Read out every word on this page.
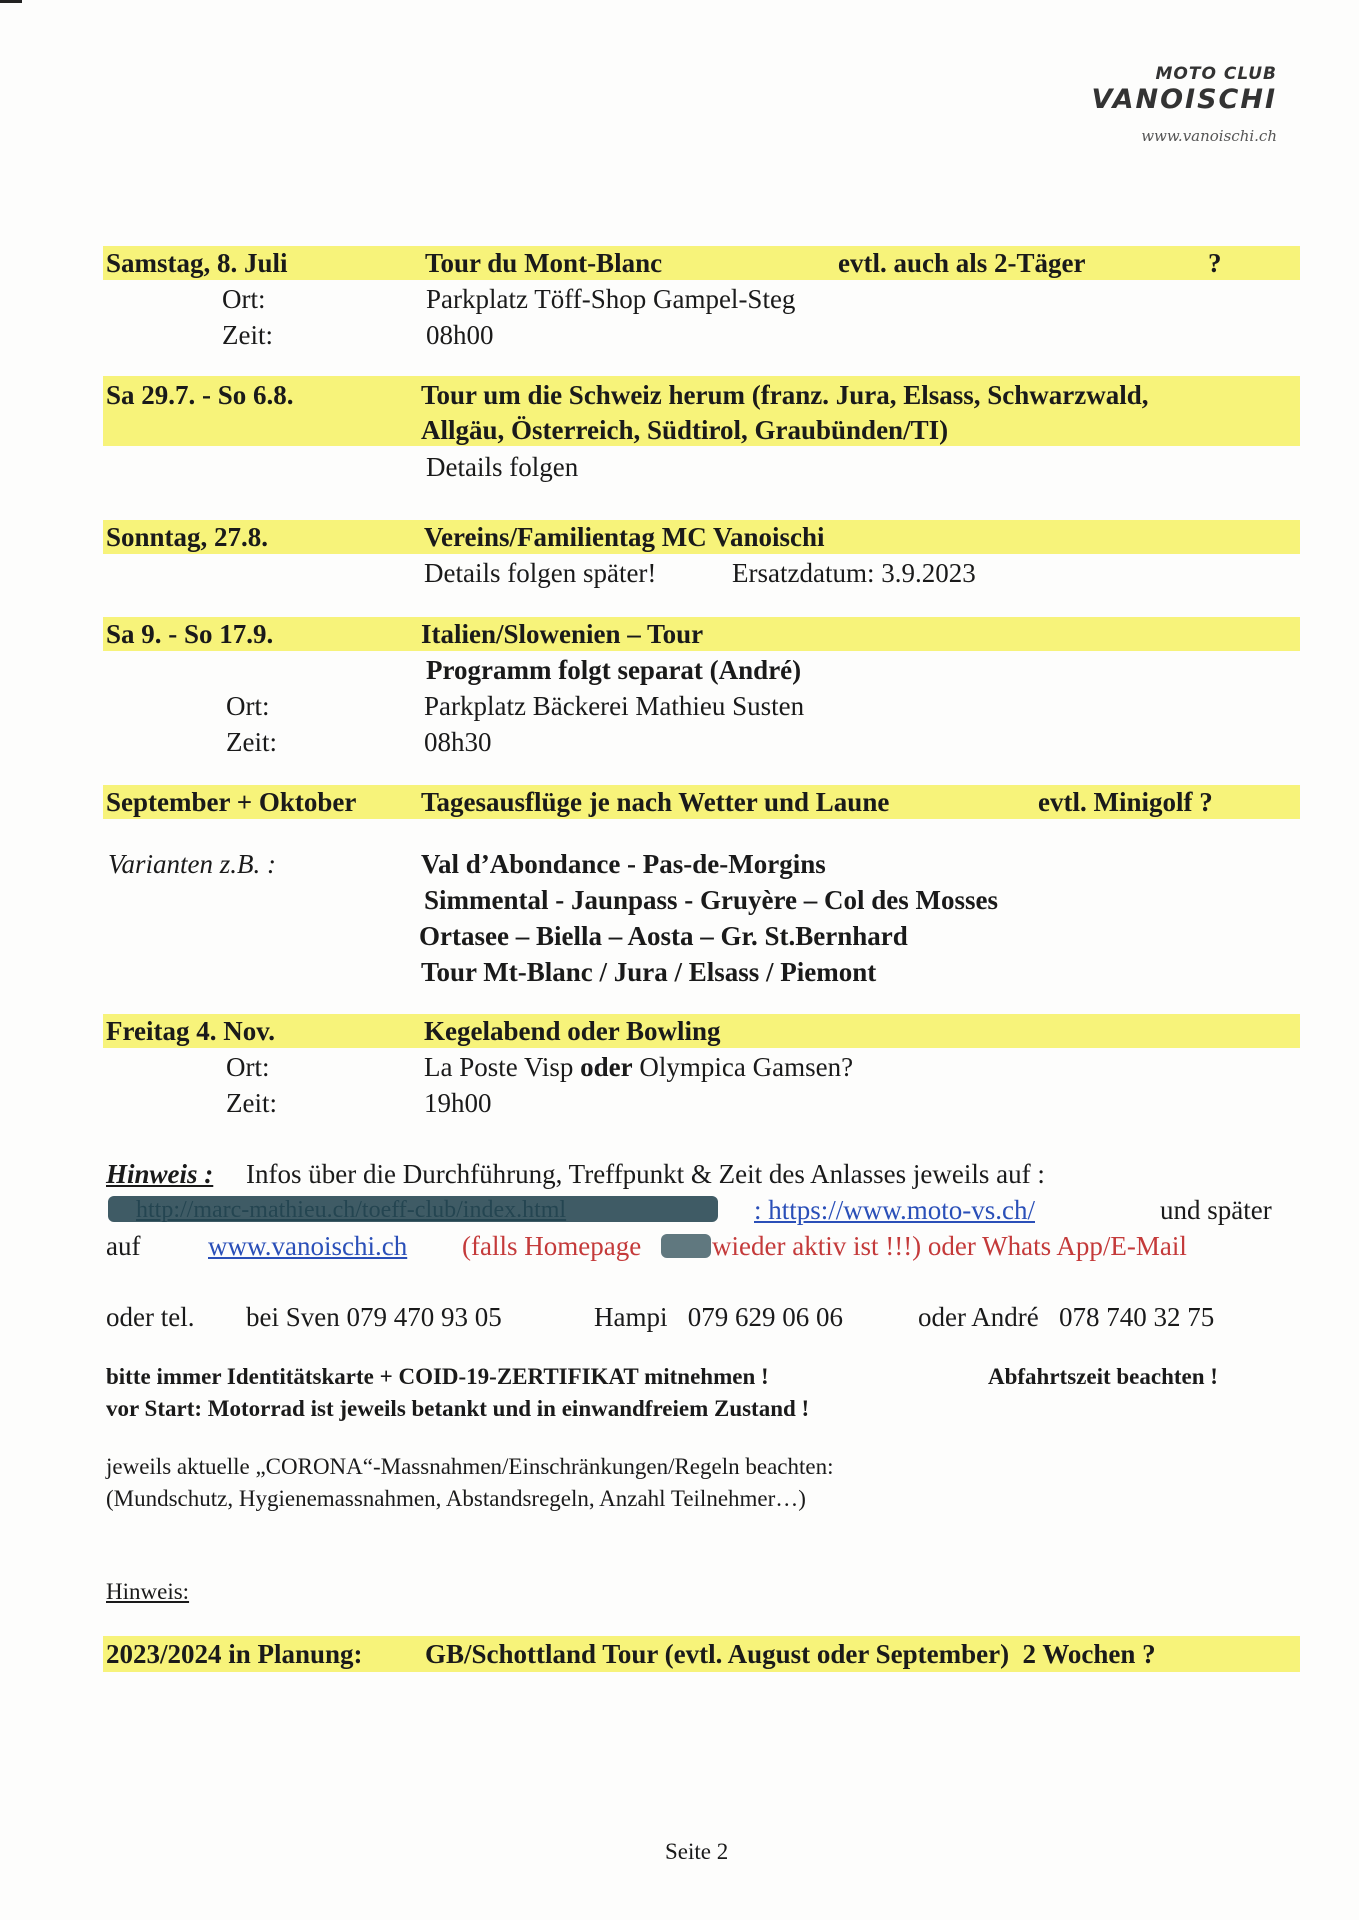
MOTO CLUB
VANOISCHI
www.vanoischi.ch
Samstag, 8. Juli	Tour du Mont-Blanc	evtl. auch als 2-Täger	?
Ort:	Parkplatz Töff-Shop Gampel-Steg
Zeit:	08h00
Sa 29.7. - So 6.8.	Tour um die Schweiz herum (franz. Jura, Elsass, Schwarzwald,
Allgäu, Österreich, Südtirol, Graubünden/TI)
Details folgen
Sonntag, 27.8.	Vereins/Familientag MC Vanoischi
Details folgen später!	Ersatzdatum: 3.9.2023
Sa 9. - So 17.9.	Italien/Slowenien – Tour
Programm folgt separat (André)
Ort:	Parkplatz Bäckerei Mathieu Susten
Zeit:	08h30
September + Oktober Tagesausflüge je nach Wetter und Laune	evtl. Minigolf ?
Varianten z.B. :	Val d’Abondance - Pas-de-Morgins
Simmental - Jaunpass - Gruyère – Col des Mosses
Ortasee – Biella – Aosta – Gr. St.Bernhard
Tour Mt-Blanc / Jura / Elsass / Piemont
Freitag 4. Nov.	Kegelabend oder Bowling
Ort:	La Poste Visp oder Olympica Gamsen?
Zeit:	19h00
Hinweis : Infos über die Durchführung, Treffpunkt & Zeit des Anlasses jeweils auf :
: https://www.moto-vs.ch/	und später
auf	www.vanoischi.ch (falls Homepage	wieder aktiv ist !!!) oder Whats App/E-Mail
oder tel. bei Sven 079 470 93 05	Hampi   079 629 06 06	oder André   078 740 32 75
bitte immer Identitätskarte + COID-19-ZERTIFIKAT mitnehmen !	Abfahrtszeit beachten !
vor Start: Motorrad ist jeweils betankt und in einwandfreiem Zustand !
jeweils aktuelle „CORONA“-Massnahmen/Einschränkungen/Regeln beachten:
(Mundschutz, Hygienemassnahmen, Abstandsregeln, Anzahl Teilnehmer…)
Hinweis:
2023/2024 in Planung: GB/Schottland Tour (evtl. August oder September)  2 Wochen ?
Seite 2
